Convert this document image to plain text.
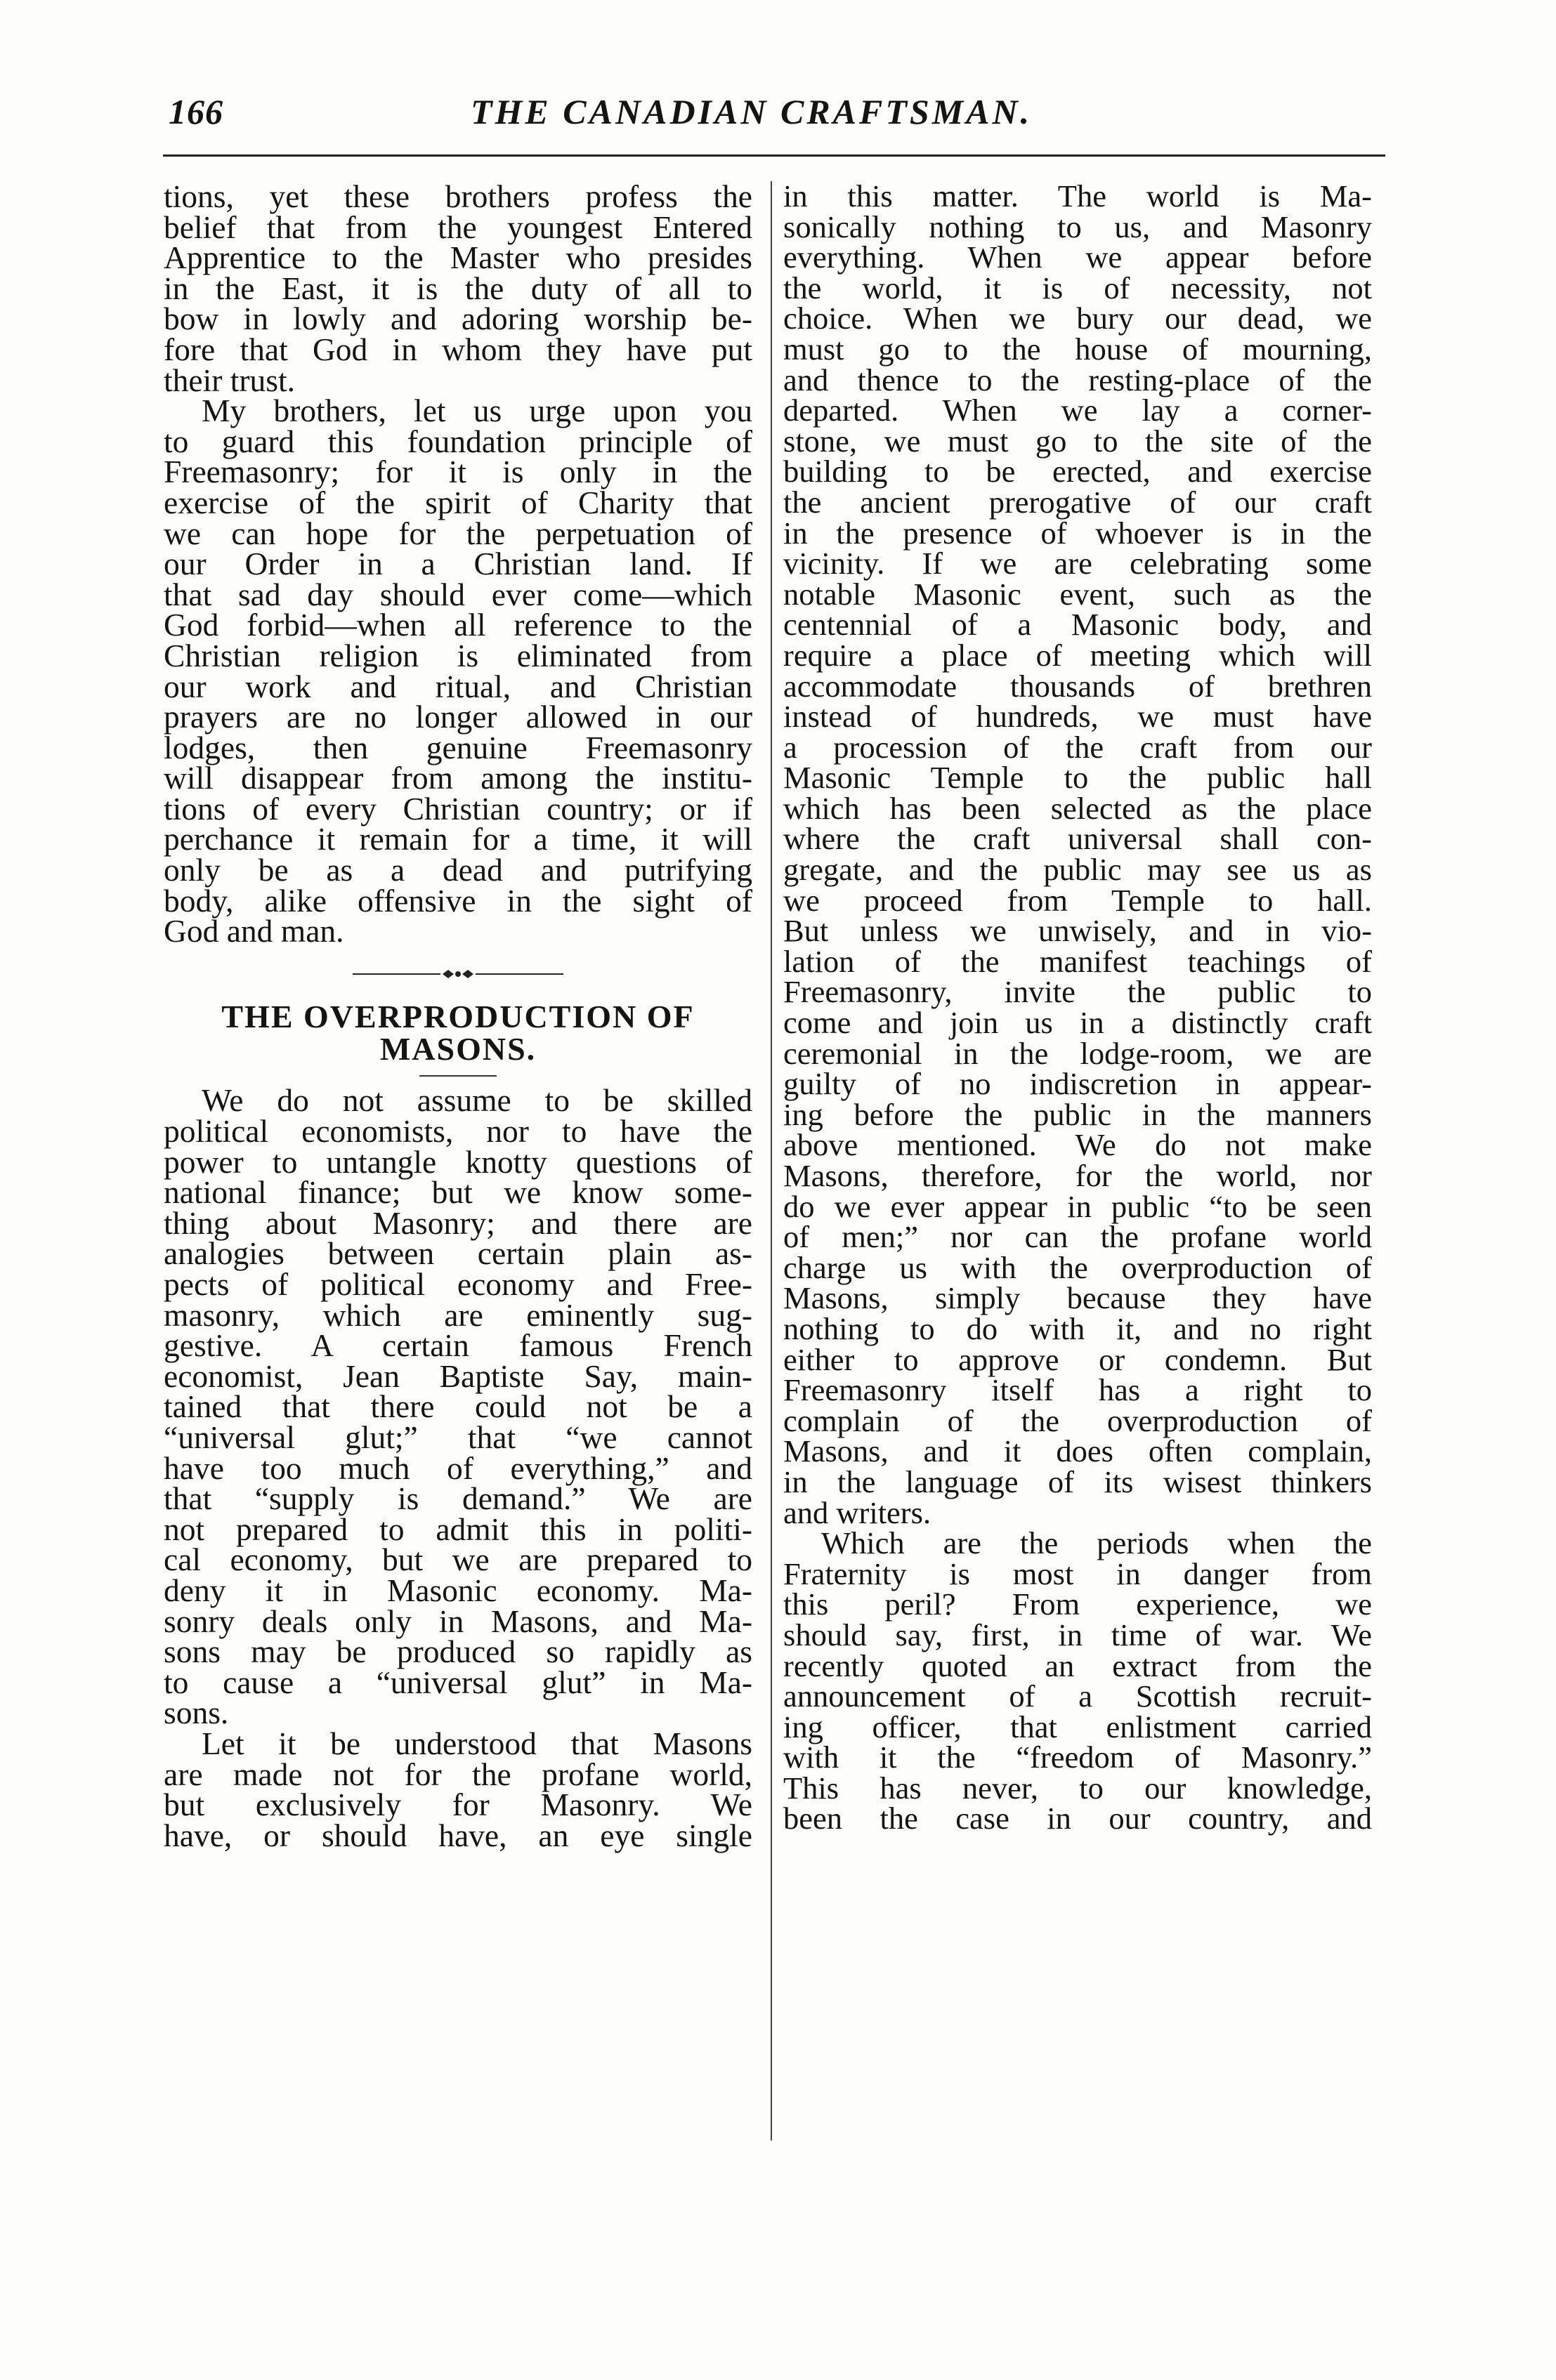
166	THE CANADIAN CRAFTSMAN.

tions, yet these brothers profess the
belief that from the youngest Entered
Apprentice to the Master who presides
in the East, it is the duty of all to
bow in lowly and adoring worship be-
fore that God in whom they have put
their trust.

My brothers, let us urge upon you
to guard this foundation principle of
Freemasonry; for it is only in the
exercise of the spirit of Charity that
we can hope for the perpetuation of
our Order in a Christian land. If
that sad day should ever come—which
God forbid—when all reference to the
Christian religion is eliminated from
our work and ritual, and Christian
prayers are no longer allowed in our
lodges, then genuine Freemasonry
will disappear from among the institu-
tions of every Christian country; or if
perchance it remain for a time, it will
only be as a dead and putrifying
body, alike offensive in the sight of
God and man.

THE OVERPRODUCTION OF
MASONS.

We do not assume to be skilled
political economists, nor to have the
power to untangle knotty questions of
national finance; but we know some-
thing about Masonry; and there are
analogies between certain plain as-
pects of political economy and Free-
masonry, which are eminently sug-
gestive. A certain famous French
economist, Jean Baptiste Say, main-
tained that there could not be a
“universal glut;” that “we cannot
have too much of everything,” and
that “supply is demand.” We are
not prepared to admit this in politi-
cal economy, but we are prepared to
deny it in Masonic economy. Ma-
sonry deals only in Masons, and Ma-
sons may be produced so rapidly as
to cause a “universal glut” in Ma-
sons.

Let it be understood that Masons
are made not for the profane world,
but exclusively for Masonry. We
have, or should have, an eye single

in this matter. The world is Ma-
sonically nothing to us, and Masonry
everything. When we appear before
the world, it is of necessity, not
choice. When we bury our dead, we
must go to the house of mourning,
and thence to the resting-place of the
departed. When we lay a corner-
stone, we must go to the site of the
building to be erected, and exercise
the ancient prerogative of our craft
in the presence of whoever is in the
vicinity. If we are celebrating some
notable Masonic event, such as the
centennial of a Masonic body, and
require a place of meeting which will
accommodate thousands of brethren
instead of hundreds, we must have
a procession of the craft from our
Masonic Temple to the public hall
which has been selected as the place
where the craft universal shall con-
gregate, and the public may see us as
we proceed from Temple to hall.
But unless we unwisely, and in vio-
lation of the manifest teachings of
Freemasonry, invite the public to
come and join us in a distinctly craft
ceremonial in the lodge-room, we are
guilty of no indiscretion in appear-
ing before the public in the manners
above mentioned. We do not make
Masons, therefore, for the world, nor
do we ever appear in public “to be seen
of men;” nor can the profane world
charge us with the overproduction of
Masons, simply because they have
nothing to do with it, and no right
either to approve or condemn. But
Freemasonry itself has a right to
complain of the overproduction of
Masons, and it does often complain,
in the language of its wisest thinkers
and writers.

Which are the periods when the
Fraternity is most in danger from
this peril? From experience, we
should say, first, in time of war. We
recently quoted an extract from the
announcement of a Scottish recruit-
ing officer, that enlistment carried
with it the “freedom of Masonry.”
This has never, to our knowledge,
been the case in our country, and
